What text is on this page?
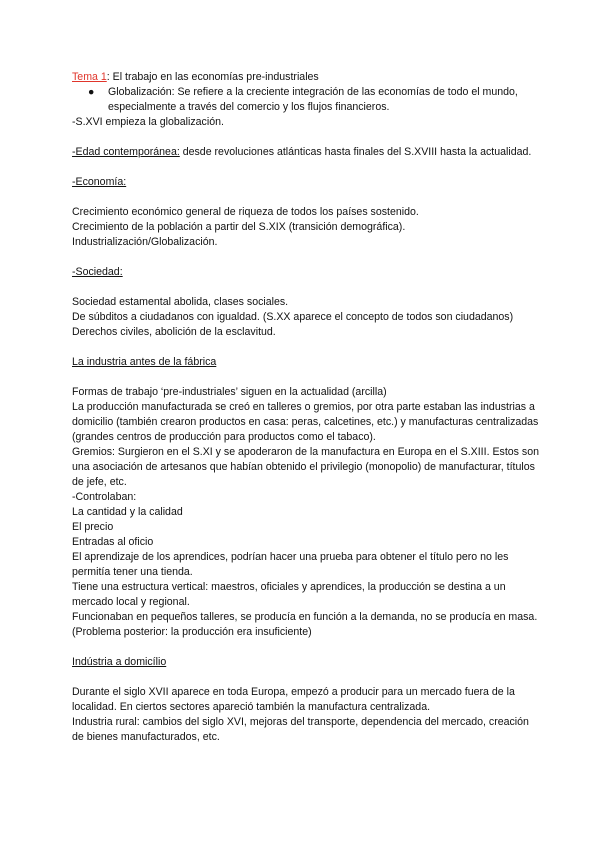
Tema 1: El trabajo en las economías pre-industriales

● Globalización: Se refiere a la creciente integración de las economías de todo el mundo, especialmente a través del comercio y los flujos financieros.

-S.XVI empieza la globalización.

-Edad contemporánea: desde revoluciones atlánticas hasta finales del S.XVIII hasta la actualidad.

-Economía:

Crecimiento económico general de riqueza de todos los países sostenido.

Crecimiento de la población a partir del S.XIX (transición demográfica).

Industrialización/Globalización.

-Sociedad:

Sociedad estamental abolida, clases sociales.

De súbditos a ciudadanos con igualdad. (S.XX aparece el concepto de todos son ciudadanos)

Derechos civiles, abolición de la esclavitud.

La industria antes de la fábrica

Formas de trabajo ‘pre-industriales’ siguen en la actualidad (arcilla)

La producción manufacturada se creó en talleres o gremios, por otra parte estaban las industrias a domicilio (también crearon productos en casa: peras, calcetines, etc.) y manufacturas centralizadas (grandes centros de producción para productos como el tabaco).

Gremios: Surgieron en el S.XI y se apoderaron de la manufactura en Europa en el S.XIII. Estos son una asociación de artesanos que habían obtenido el privilegio (monopolio) de manufacturar, títulos de jefe, etc.

-Controlaban:

La cantidad y la calidad

El precio

Entradas al oficio

El aprendizaje de los aprendices, podrían hacer una prueba para obtener el título pero no les permitía tener una tienda.

Tiene una estructura vertical: maestros, oficiales y aprendices, la producción se destina a un mercado local y regional.

Funcionaban en pequeños talleres, se producía en función a la demanda, no se producía en masa. (Problema posterior: la producción era insuficiente)

Indústria a domicílio

Durante el siglo XVII aparece en toda Europa, empezó a producir para un mercado fuera de la localidad. En ciertos sectores apareció también la manufactura centralizada.

Industria rural: cambios del siglo XVI, mejoras del transporte, dependencia del mercado, creación de bienes manufacturados, etc.
